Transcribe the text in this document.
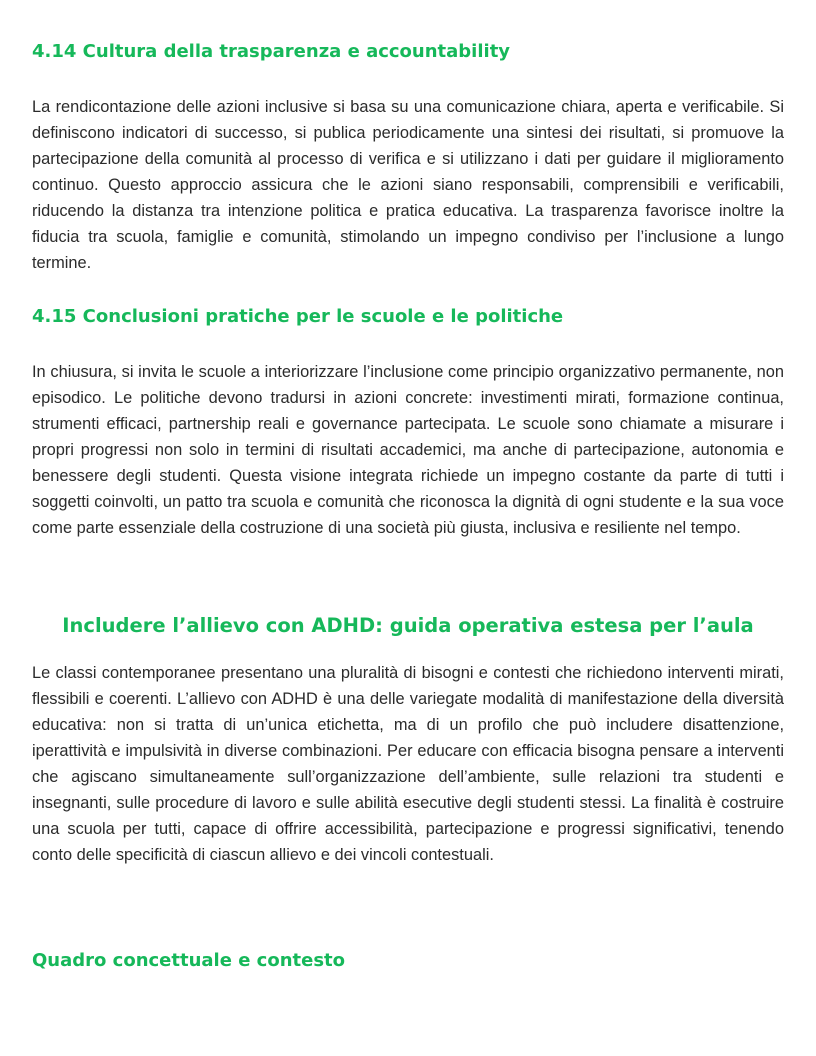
4.14 Cultura della trasparenza e accountability

La rendicontazione delle azioni inclusive si basa su una comunicazione chiara, aperta e verificabile. Si definiscono indicatori di successo, si publica periodicamente una sintesi dei risultati, si promuove la partecipazione della comunità al processo di verifica e si utilizzano i dati per guidare il miglioramento continuo. Questo approccio assicura che le azioni siano responsabili, comprensibili e verificabili, riducendo la distanza tra intenzione politica e pratica educativa. La trasparenza favorisce inoltre la fiducia tra scuola, famiglie e comunità, stimolando un impegno condiviso per l’inclusione a lungo termine.

4.15 Conclusioni pratiche per le scuole e le politiche

In chiusura, si invita le scuole a interiorizzare l’inclusione come principio organizzativo permanente, non episodico. Le politiche devono tradursi in azioni concrete: investimenti mirati, formazione continua, strumenti efficaci, partnership reali e governance partecipata. Le scuole sono chiamate a misurare i propri progressi non solo in termini di risultati accademici, ma anche di partecipazione, autonomia e benessere degli studenti. Questa visione integrata richiede un impegno costante da parte di tutti i soggetti coinvolti, un patto tra scuola e comunità che riconosca la dignità di ogni studente e la sua voce come parte essenziale della costruzione di una società più giusta, inclusiva e resiliente nel tempo.

Includere l’allievo con ADHD: guida operativa estesa per l’aula

Le classi contemporanee presentano una pluralità di bisogni e contesti che richiedono interventi mirati, flessibili e coerenti. L’allievo con ADHD è una delle variegate modalità di manifestazione della diversità educativa: non si tratta di un’unica etichetta, ma di un profilo che può includere disattenzione, iperattività e impulsività in diverse combinazioni. Per educare con efficacia bisogna pensare a interventi che agiscano simultaneamente sull’organizzazione dell’ambiente, sulle relazioni tra studenti e insegnanti, sulle procedure di lavoro e sulle abilità esecutive degli studenti stessi. La finalità è costruire una scuola per tutti, capace di offrire accessibilità, partecipazione e progressi significativi, tenendo conto delle specificità di ciascun allievo e dei vincoli contestuali.

Quadro concettuale e contesto
